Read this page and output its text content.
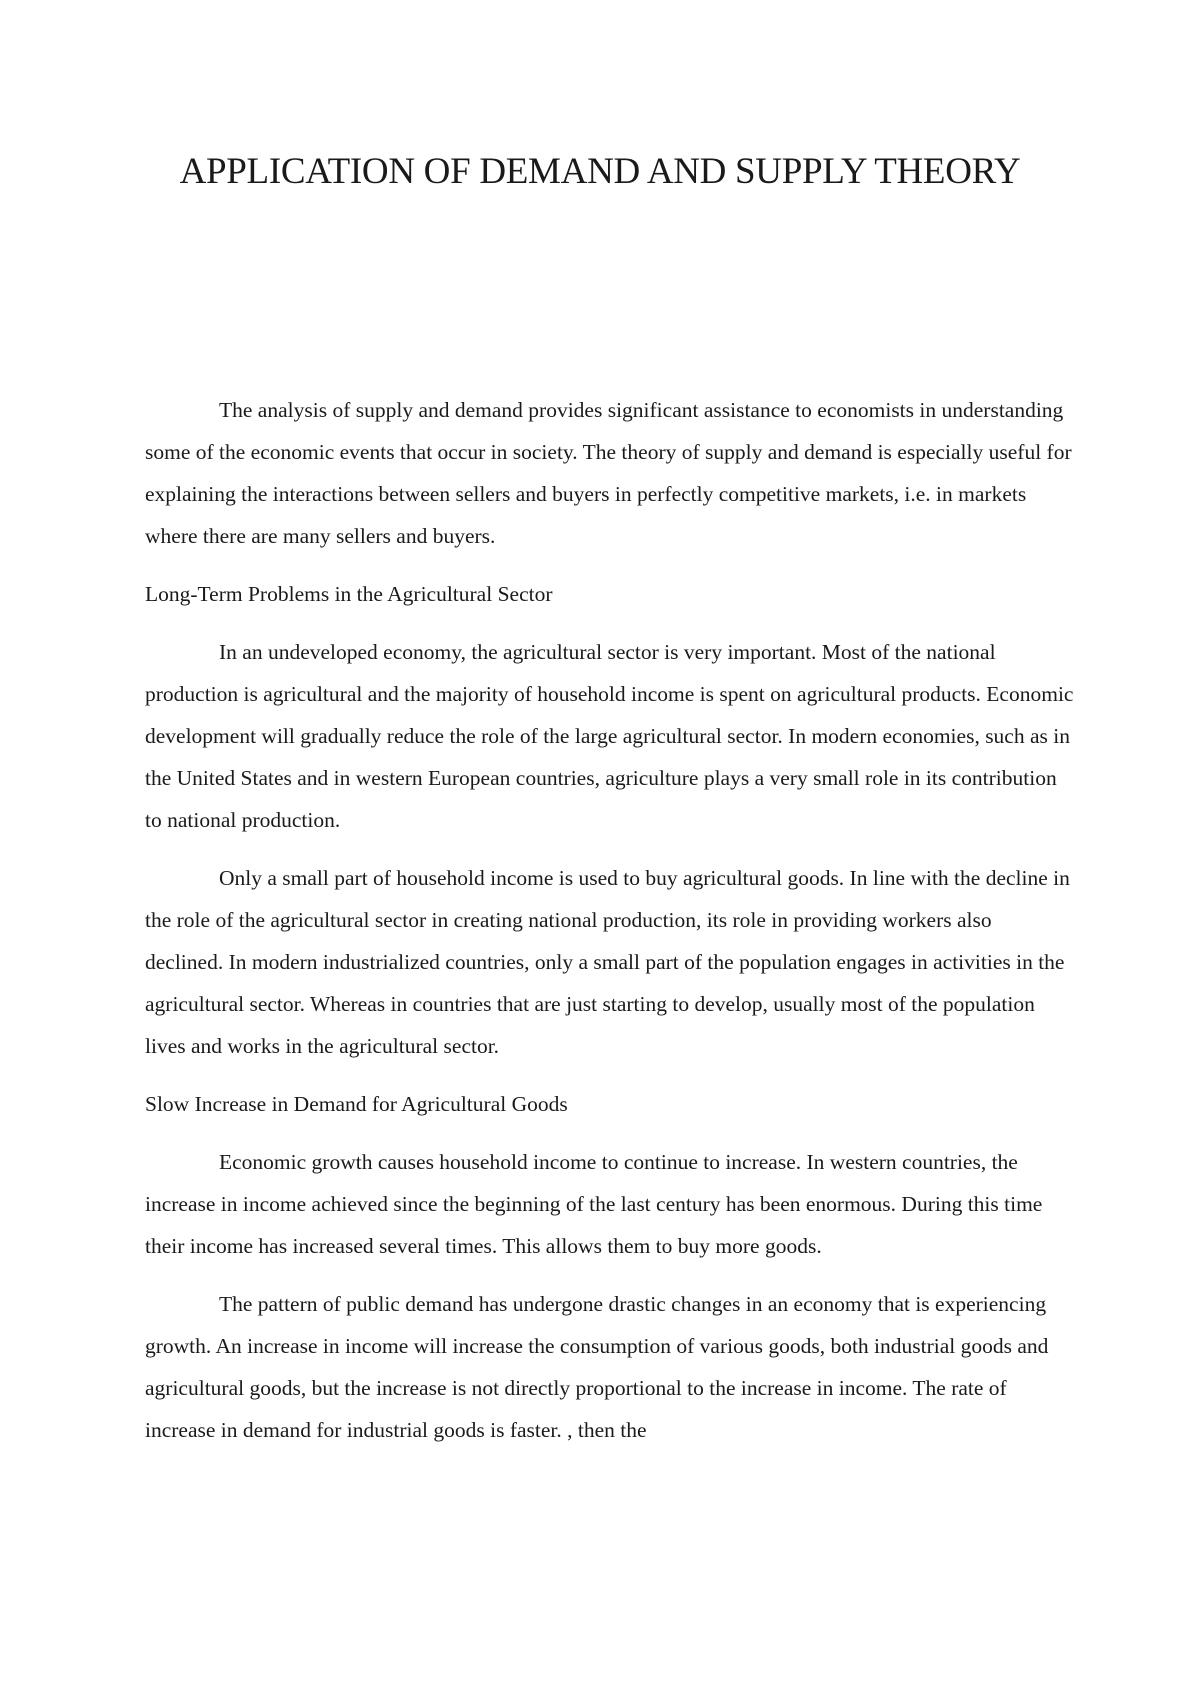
APPLICATION OF DEMAND AND SUPPLY THEORY

The analysis of supply and demand provides significant assistance to economists in understanding some of the economic events that occur in society. The theory of supply and demand is especially useful for explaining the interactions between sellers and buyers in perfectly competitive markets, i.e. in markets where there are many sellers and buyers.

Long-Term Problems in the Agricultural Sector

In an undeveloped economy, the agricultural sector is very important. Most of the national production is agricultural and the majority of household income is spent on agricultural products. Economic development will gradually reduce the role of the large agricultural sector. In modern economies, such as in the United States and in western European countries, agriculture plays a very small role in its contribution to national production.

Only a small part of household income is used to buy agricultural goods. In line with the decline in the role of the agricultural sector in creating national production, its role in providing workers also declined. In modern industrialized countries, only a small part of the population engages in activities in the agricultural sector. Whereas in countries that are just starting to develop, usually most of the population lives and works in the agricultural sector.

Slow Increase in Demand for Agricultural Goods

Economic growth causes household income to continue to increase. In western countries, the increase in income achieved since the beginning of the last century has been enormous. During this time their income has increased several times. This allows them to buy more goods.

The pattern of public demand has undergone drastic changes in an economy that is experiencing growth. An increase in income will increase the consumption of various goods, both industrial goods and agricultural goods, but the increase is not directly proportional to the increase in income. The rate of increase in demand for industrial goods is faster. , then the
